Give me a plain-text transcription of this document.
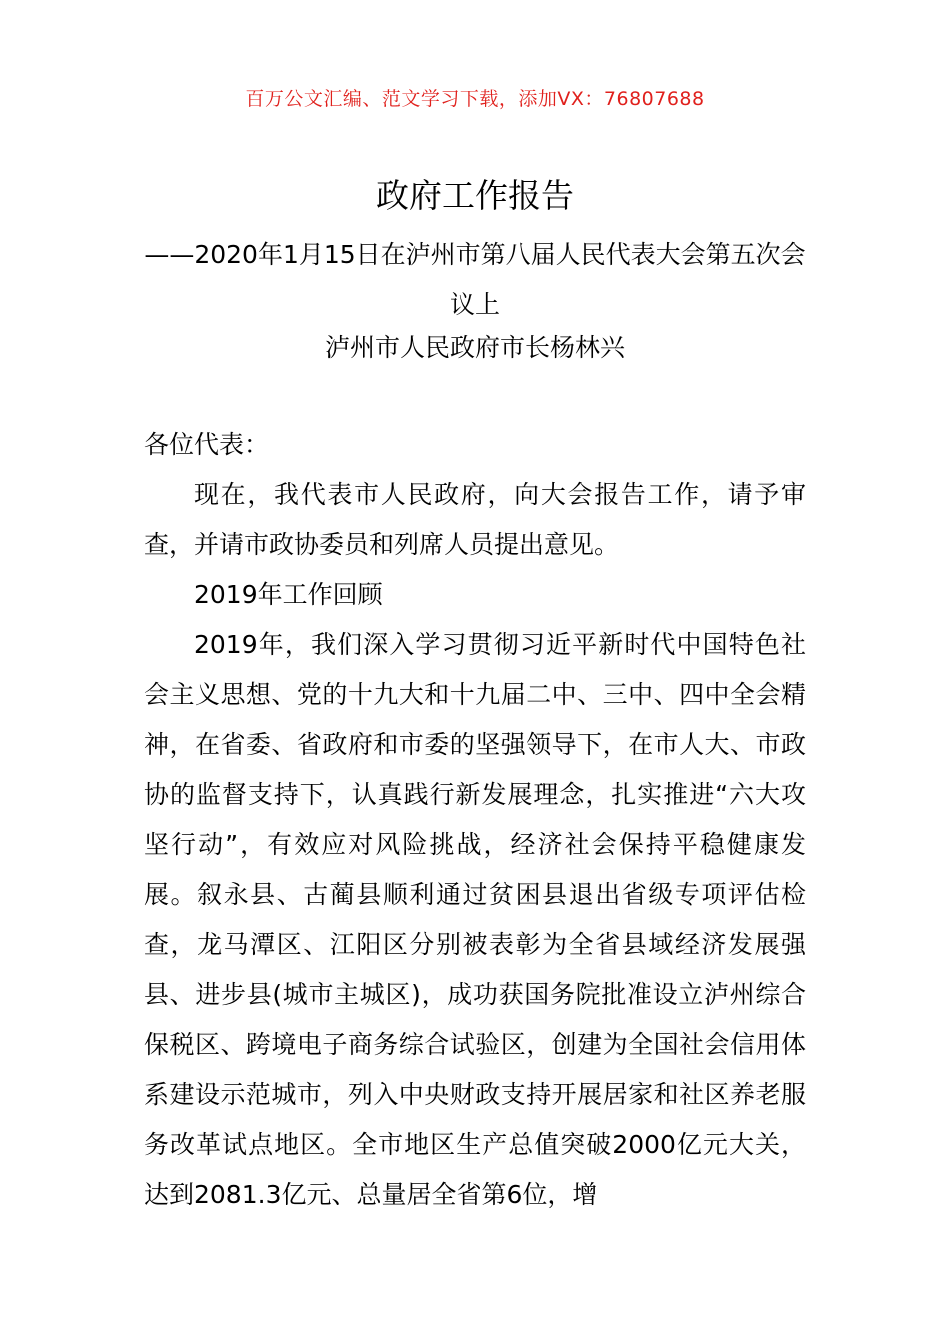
百万公文汇编、范文学习下载，添加VX：76807688
政府工作报告
——2020年1月15日在泸州市第八届人民代表大会第五次会议上
泸州市人民政府市长杨林兴

各位代表：

现在，我代表市人民政府，向大会报告工作，请予审查，并请市政协委员和列席人员提出意见。

2019年工作回顾

2019年，我们深入学习贯彻习近平新时代中国特色社会主义思想、党的十九大和十九届二中、三中、四中全会精神，在省委、省政府和市委的坚强领导下，在市人大、市政协的监督支持下，认真践行新发展理念，扎实推进“六大攻坚行动”，有效应对风险挑战，经济社会保持平稳健康发展。叙永县、古蔺县顺利通过贫困县退出省级专项评估检查，龙马潭区、江阳区分别被表彰为全省县域经济发展强县、进步县(城市主城区)，成功获国务院批准设立泸州综合保税区、跨境电子商务综合试验区，创建为全国社会信用体系建设示范城市，列入中央财政支持开展居家和社区养老服务改革试点地区。全市地区生产总值突破2000亿元大关，达到2081.3亿元、总量居全省第6位，增
